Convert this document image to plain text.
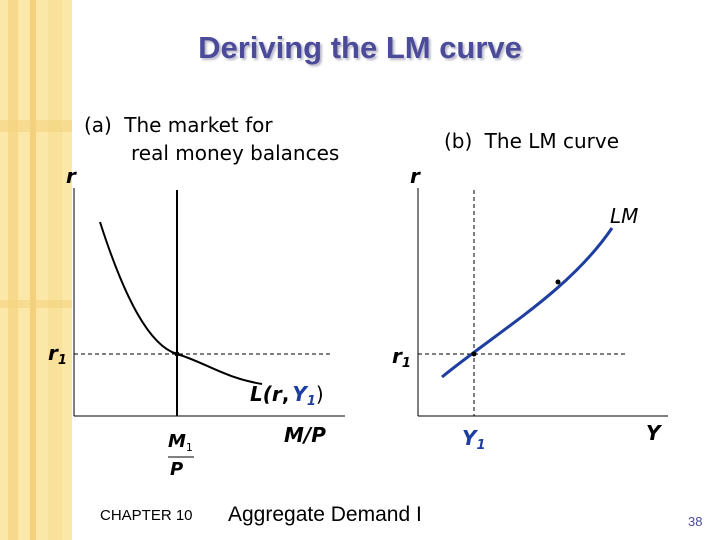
Deriving the LM curve
(a) The market for
real money balances	(b) The LM curve
r
$r_1$
L(r, $Y_1$)
M/P
$M_1$
P
r
LM
$r_1$
$Y_1$
Y
CHAPTER 10 Aggregate Demand I	38
